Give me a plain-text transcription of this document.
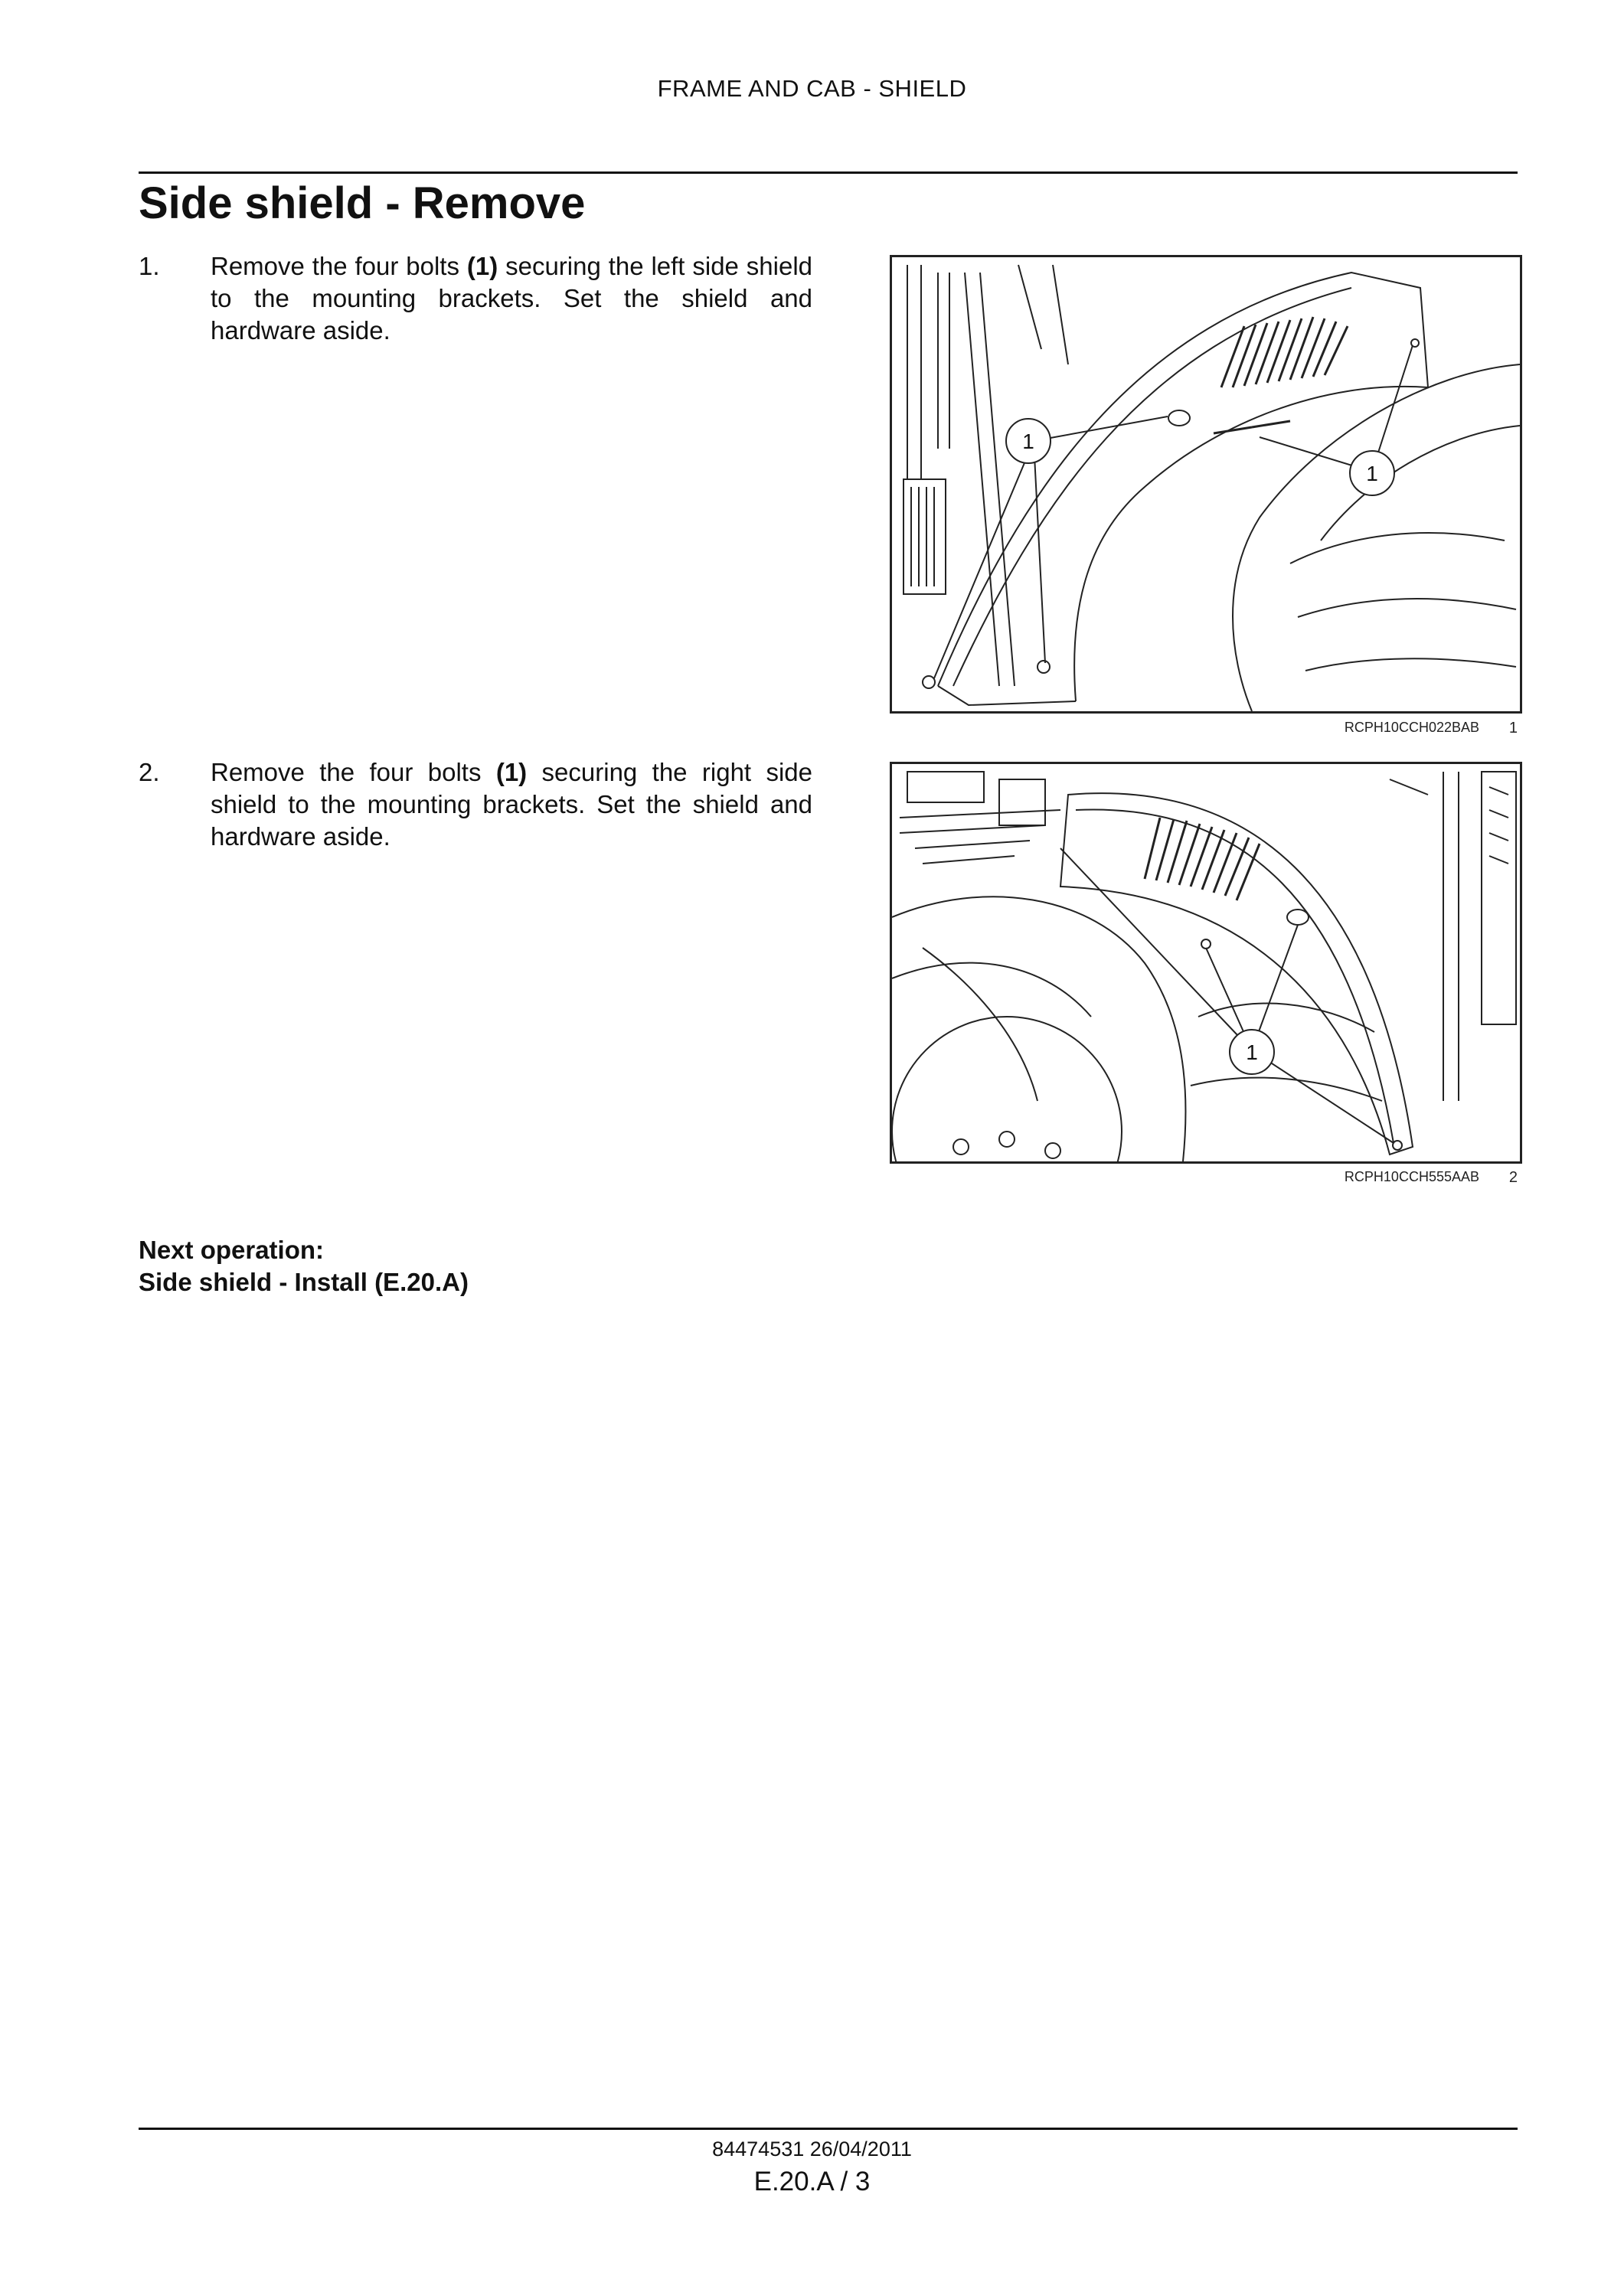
FRAME AND CAB - SHIELD
Side shield - Remove
1. Remove the four bolts (1) securing the left side shield to the mounting brackets. Set the shield and hardware aside.
1
1
RCPH10CCH022BAB 1
2. Remove the four bolts (1) securing the right side shield to the mounting brackets. Set the shield and hardware aside.
1
RCPH10CCH555AAB 2
Next operation:
Side shield - Install (E.20.A)
84474531 26/04/2011
E.20.A / 3
